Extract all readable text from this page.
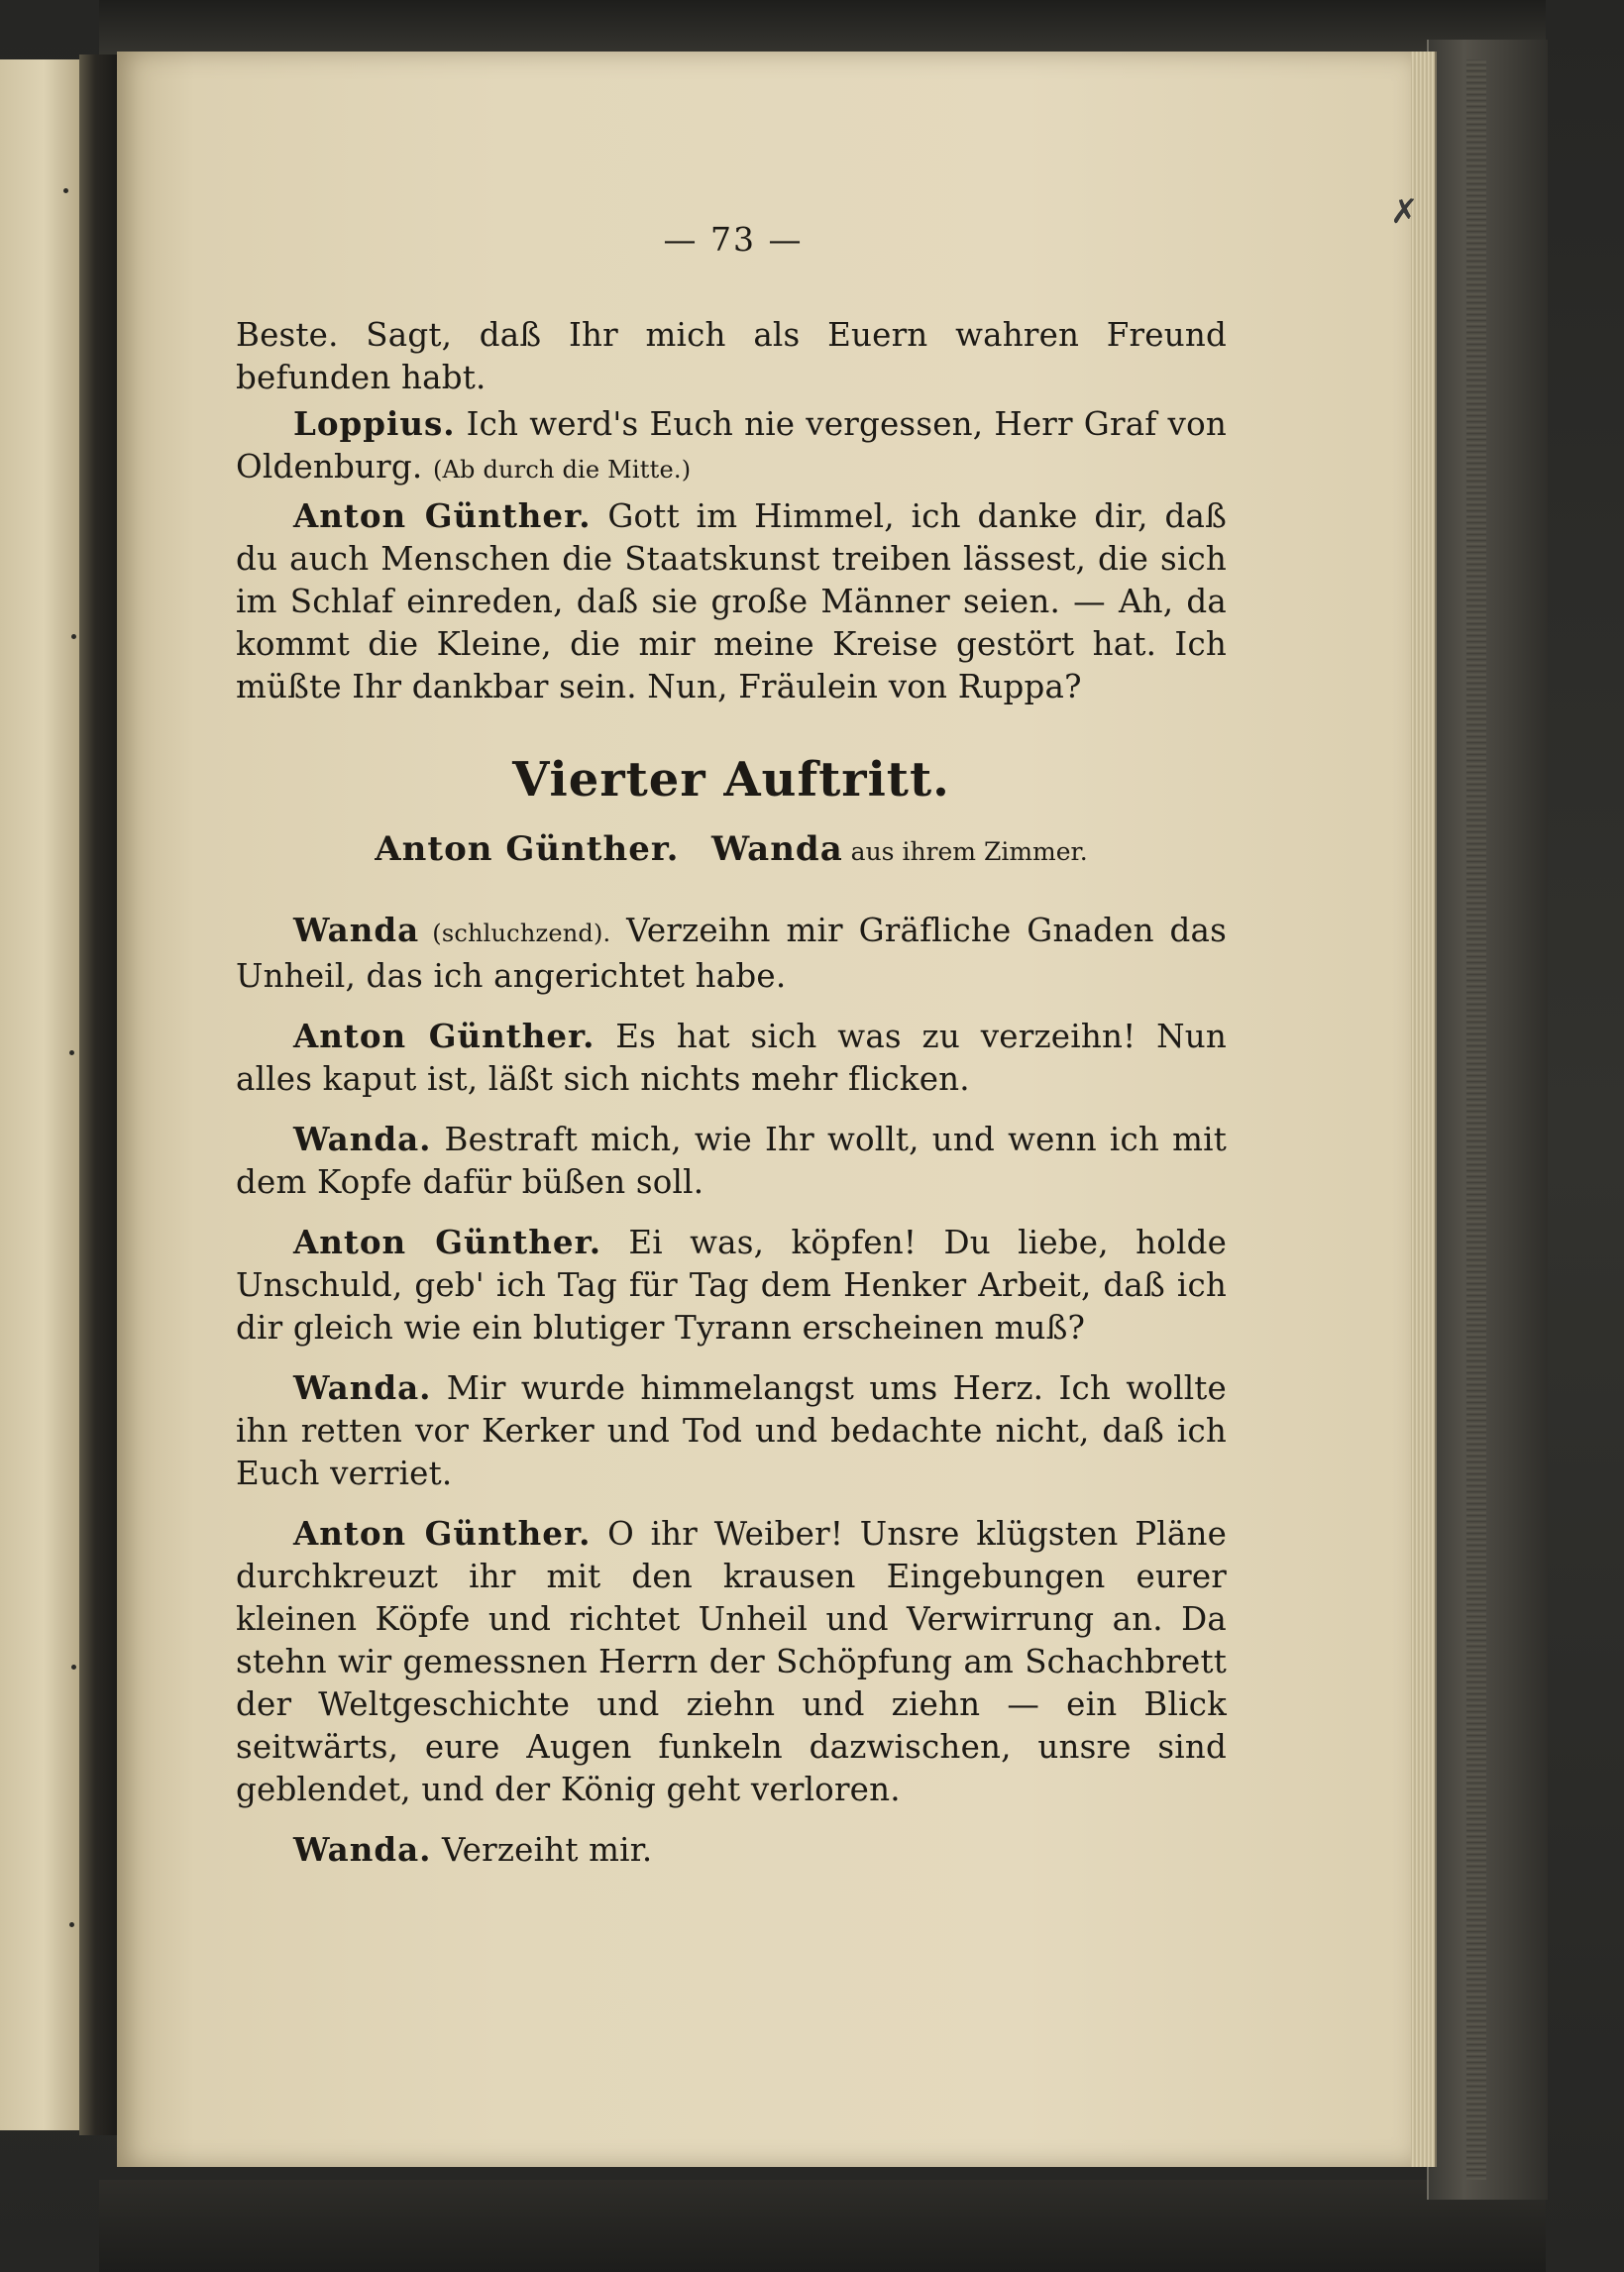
✗
— 73 —

Beste. Sagt, daß Ihr mich als Euern wahren Freund befunden habt.

Loppius. Ich werd's Euch nie vergessen, Herr Graf von Oldenburg. (Ab durch die Mitte.)

Anton Günther. Gott im Himmel, ich danke dir, daß du auch Menschen die Staatskunst treiben lässest, die sich im Schlaf einreden, daß sie große Männer seien. — Ah, da kommt die Kleine, die mir meine Kreise gestört hat. Ich müßte Ihr dankbar sein. Nun, Fräulein von Ruppa?

Vierter Auftritt.
Anton Günther. Wanda aus ihrem Zimmer.

Wanda (schluchzend). Verzeihn mir Gräfliche Gnaden das Unheil, das ich angerichtet habe.

Anton Günther. Es hat sich was zu verzeihn! Nun alles kaput ist, läßt sich nichts mehr flicken.

Wanda. Bestraft mich, wie Ihr wollt, und wenn ich mit dem Kopfe dafür büßen soll.

Anton Günther. Ei was, köpfen! Du liebe, holde Unschuld, geb' ich Tag für Tag dem Henker Arbeit, daß ich dir gleich wie ein blutiger Tyrann erscheinen muß?

Wanda. Mir wurde himmelangst ums Herz. Ich wollte ihn retten vor Kerker und Tod und bedachte nicht, daß ich Euch verriet.

Anton Günther. O ihr Weiber! Unsre klügsten Pläne durchkreuzt ihr mit den krausen Eingebungen eurer kleinen Köpfe und richtet Unheil und Verwirrung an. Da stehn wir gemessnen Herrn der Schöpfung am Schachbrett der Weltgeschichte und ziehn und ziehn — ein Blick seitwärts, eure Augen funkeln dazwischen, unsre sind geblendet, und der König geht verloren.

Wanda. Verzeiht mir.
